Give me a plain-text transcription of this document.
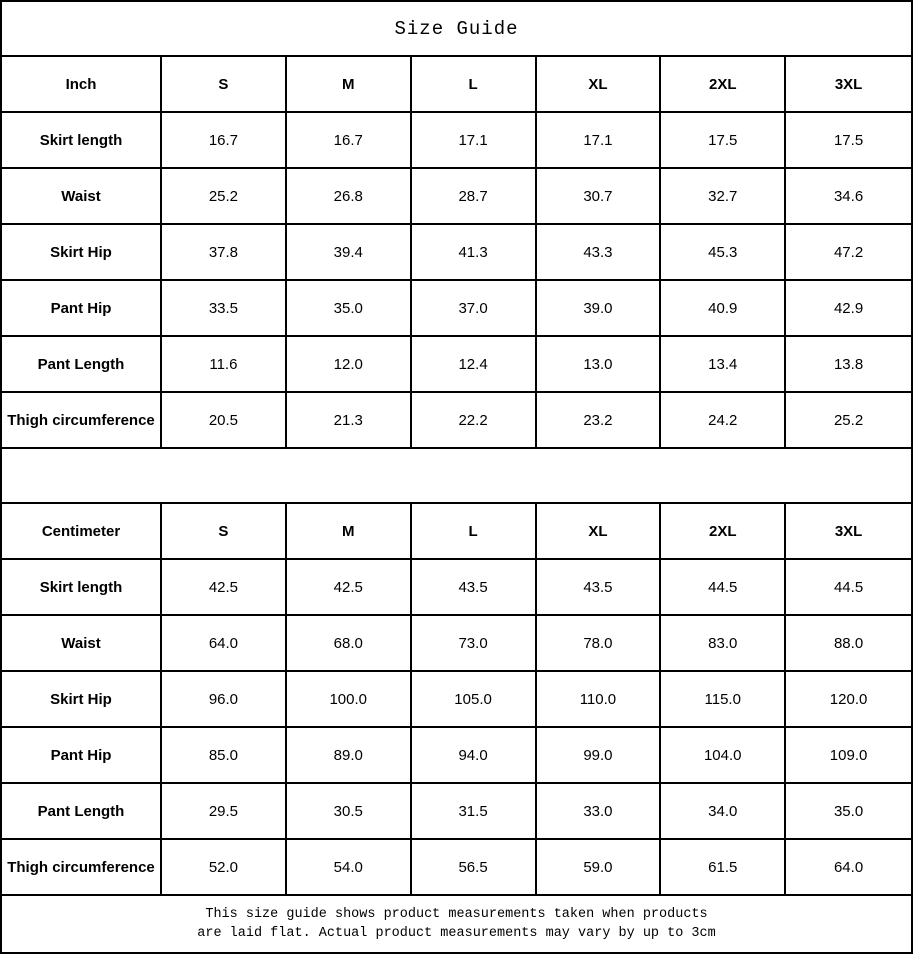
Size Guide
Inch	S	M	L	XL	2XL	3XL
Skirt length	16.7	16.7	17.1	17.1	17.5	17.5
Waist	25.2	26.8	28.7	30.7	32.7	34.6
Skirt Hip	37.8	39.4	41.3	43.3	45.3	47.2
Pant Hip	33.5	35.0	37.0	39.0	40.9	42.9
Pant Length	11.6	12.0	12.4	13.0	13.4	13.8
Thigh circumference	20.5	21.3	22.2	23.2	24.2	25.2
Centimeter	S	M	L	XL	2XL	3XL
Skirt length	42.5	42.5	43.5	43.5	44.5	44.5
Waist	64.0	68.0	73.0	78.0	83.0	88.0
Skirt Hip	96.0	100.0	105.0	110.0	115.0	120.0
Pant Hip	85.0	89.0	94.0	99.0	104.0	109.0
Pant Length	29.5	30.5	31.5	33.0	34.0	35.0
Thigh circumference	52.0	54.0	56.5	59.0	61.5	64.0
This size guide shows product measurements taken when products
are laid flat. Actual product measurements may vary by up to 3cm
